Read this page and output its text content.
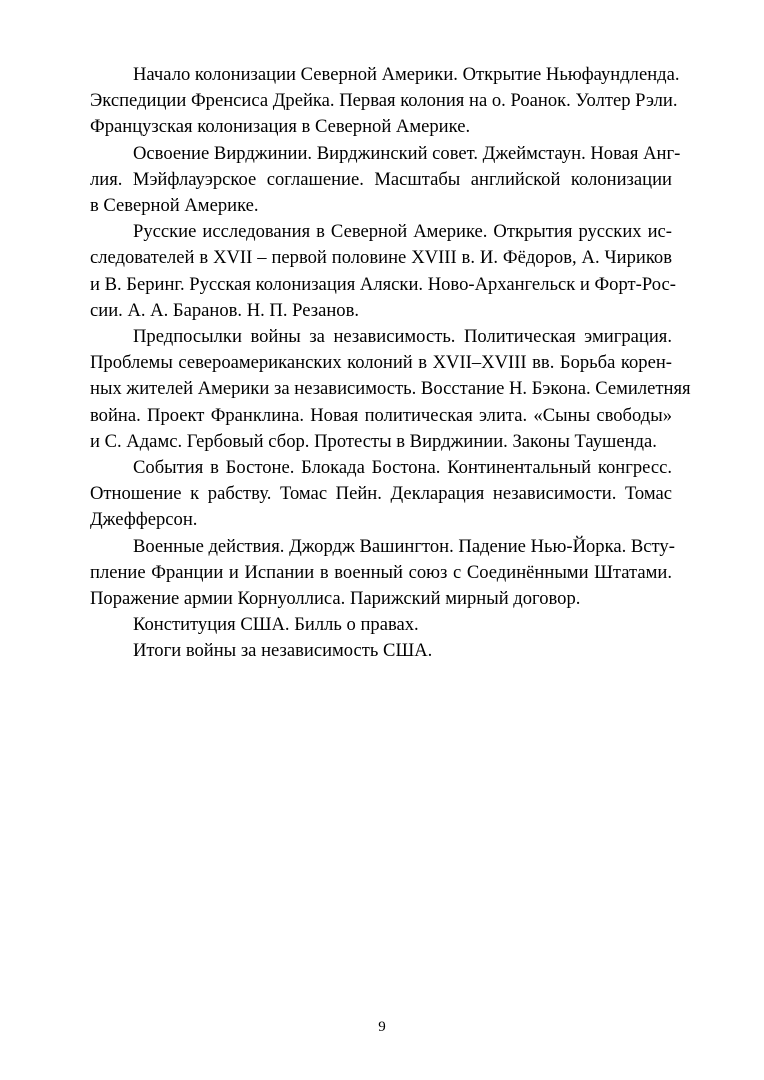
Начало колонизации Северной Америки. Открытие Ньюфаундленда.
Экспедиции Френсиса Дрейка. Первая колония на о. Роанок. Уолтер Рэли.
Французская колонизация в Северной Америке.

Освоение Вирджинии. Вирджинский совет. Джеймстаун. Новая Анг-
лия. Мэйфлауэрское соглашение. Масштабы английской колонизации
в Северной Америке.

Русские исследования в Северной Америке. Открытия русских ис-
следователей в XVII – первой половине XVIII в. И. Фёдоров, А. Чириков
и В. Беринг. Русская колонизация Аляски. Ново-Архангельск и Форт-Рос-
сии. А. А. Баранов. Н. П. Резанов.

Предпосылки войны за независимость. Политическая эмиграция.
Проблемы североамериканских колоний в XVII–XVIII вв. Борьба корен-
ных жителей Америки за независимость. Восстание Н. Бэкона. Семилетняя
война. Проект Франклина. Новая политическая элита. «Сыны свободы»
и С. Адамс. Гербовый сбор. Протесты в Вирджинии. Законы Таушенда.

События в Бостоне. Блокада Бостона. Континентальный конгресс.
Отношение к рабству. Томас Пейн. Декларация независимости. Томас
Джефферсон.

Военные действия. Джордж Вашингтон. Падение Нью-Йорка. Всту-
пление Франции и Испании в военный союз с Соединёнными Штатами.
Поражение армии Корнуоллиса. Парижский мирный договор.

Конституция США. Билль о правах.

Итоги войны за независимость США.

9
